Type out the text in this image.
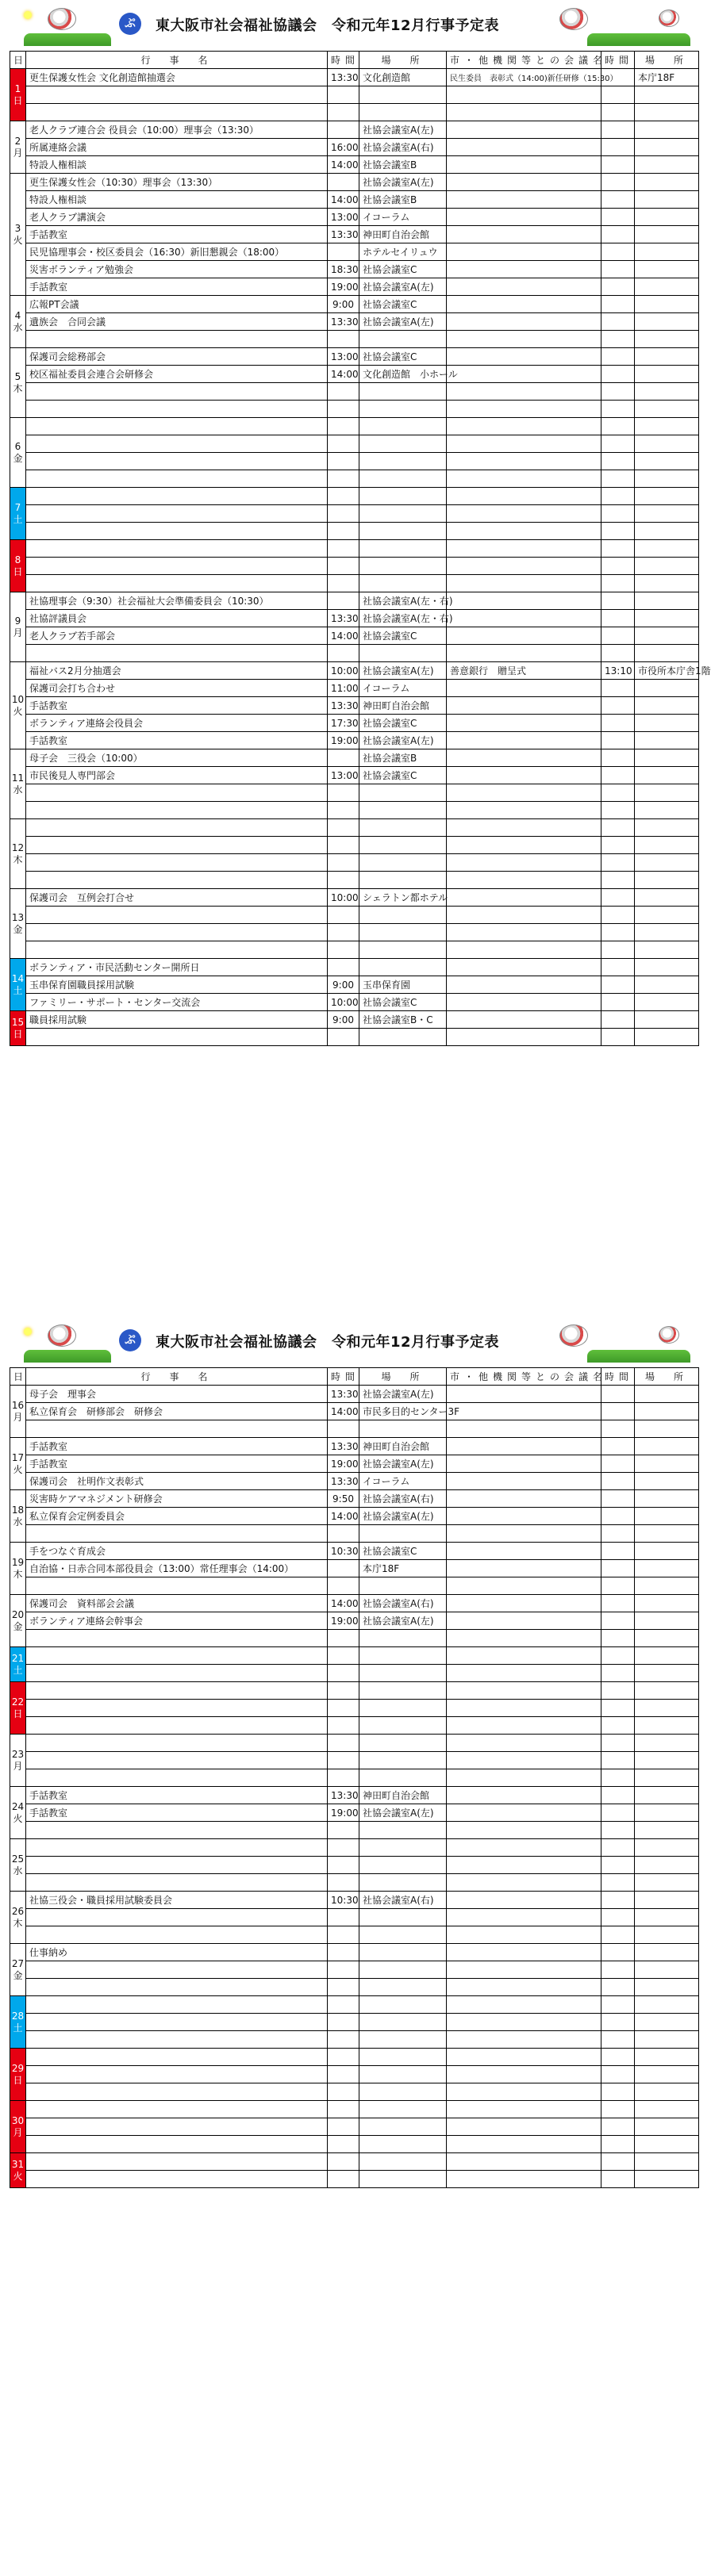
ぷ	東大阪市社会福祉協議会　令和元年12月行事予定表
日	行　事　名	時間	場　所	市・他機関等との会議名	時間	場　所
1
日	更生保護女性会 文化創造館抽選会	13:30	文化創造館	民生委員　表彰式（14:00)新任研修（15:30）		本庁18F

2
月	老人クラブ連合会 役員会（10:00）理事会（13:30）		社協会議室A(左)			
	所属連絡会議	16:00	社協会議室A(右)			
	特設人権相談	14:00	社協会議室B			
3
火	更生保護女性会（10:30）理事会（13:30）		社協会議室A(左)			
	特設人権相談	14:00	社協会議室B			
	老人クラブ講演会	13:00	イコーラム			
	手話教室	13:30	神田町自治会館			
	民児協理事会・校区委員会（16:30）新旧懇親会（18:00）		ホテルセイリュウ			
	災害ボランティア勉強会	18:30	社協会議室C			
	手話教室	19:00	社協会議室A(左)			
4
水	広報PT会議	9:00	社協会議室C			
	遺族会　合同会議	13:30	社協会議室A(左)			

5
木	保護司会総務部会	13:00	社協会議室C			
	校区福祉委員会連合会研修会	14:00	文化創造館　小ホール			

6
金						

7
土						

8
日						

9
月	社協理事会（9:30）社会福祉大会準備委員会（10:30）		社協会議室A(左・右)			
	社協評議員会	13:30	社協会議室A(左・右)			
	老人クラブ若手部会	14:00	社協会議室C			

10
火	福祉バス2月分抽選会	10:00	社協会議室A(左)	善意銀行　贈呈式	13:10	市役所本庁舎1階
	保護司会打ち合わせ	11:00	イコーラム			
	手話教室	13:30	神田町自治会館			
	ボランティア連絡会役員会	17:30	社協会議室C			
	手話教室	19:00	社協会議室A(左)			
11
水	母子会　三役会（10:00）		社協会議室B			
	市民後見人専門部会	13:00	社協会議室C			

12
木						

13
金	保護司会　互例会打合せ	10:00	シェラトン都ホテル			

14
土	ボランティア・市民活動センター開所日					
	玉串保育園職員採用試験	9:00	玉串保育園			
	ファミリー・サポート・センター交流会	10:00	社協会議室C			
15
日	職員採用試験	9:00	社協会議室B・C			

ぷ	東大阪市社会福祉協議会　令和元年12月行事予定表
日	行　事　名	時間	場　所	市・他機関等との会議名	時間	場　所
16
月	母子会　理事会	13:30	社協会議室A(左)			
	私立保育会　研修部会　研修会	14:00	市民多目的センター3F			

17
火	手話教室	13:30	神田町自治会館			
	手話教室	19:00	社協会議室A(左)			
	保護司会　社明作文表彰式	13:30	イコーラム			
18
水	災害時ケアマネジメント研修会	9:50	社協会議室A(右)			
	私立保育会定例委員会	14:00	社協会議室A(左)			

19
木	手をつなぐ育成会	10:30	社協会議室C			
	自治協・日赤合同本部役員会（13:00）常任理事会（14:00）		本庁18F			

20
金	保護司会　資料部会会議	14:00	社協会議室A(右)			
	ボランティア連絡会幹事会	19:00	社協会議室A(左)			

21
土						

22
日						

23
月						

24
火	手話教室	13:30	神田町自治会館			
	手話教室	19:00	社協会議室A(左)			

25
水						

26
木	社協三役会・職員採用試験委員会	10:30	社協会議室A(右)			

27
金	仕事納め					

28
土						

29
日						

30
月						

31
火						
